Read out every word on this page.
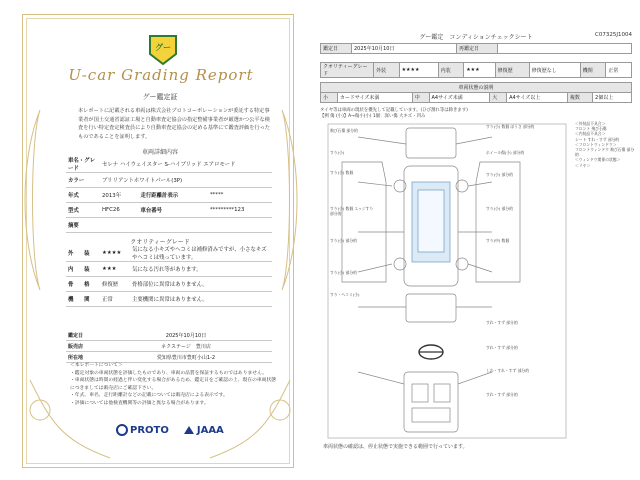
グー
U-car Grading Report
グー鑑定証
本レポートに記載される車両は株式会社プロトコーポレーションが委託する特定事業者が国土交通省認証工場と自動車査定協会の指定整備事業者が厳選かつ公平な検査を行い特定査定検査員により自動車査定協会の定める基準にて鑑査評価を行ったものであることを証明します。
車両詳細内容
車名・グレード	セレナ ハイウェイスター S-ハイブリッド エアロモード		
カラー	ブリリアントホワイトパール(3P)		
年式	2013年	走行距離計表示	*****
型式	HFC26	車台番号	*********123
摘要			
クオリティーグレード
外　　装	★★★★	気になる小キズやヘコミは補修済みですが、小さなキズやヘコミは残っています。
内　　装	★★★	気になる汚れ等があります。
骨　　格	修復歴	骨格部位に異常はありません。
機　　関	正常	主要機関に異常はありません。
鑑定日	2025年10月10日
販売店	ネクステージ　豊川店
所在地	愛知県豊川市豊町小山1-2
＜本レポートについて＞
・鑑定対象の車両状態を評価したものであり、車両の品質を保証するものではありません。
・車両状態は時間の経過と伴い変化する場合があるため、鑑定日をご確認の上、現在の車両状態につきましては販売店にご確認下さい。
・年式、車名、走行距離計などの記載については販売店による表示です。
・評価については他検査機関等の評価と異なる場合があります。
PROTO	JAAA
グー鑑定　コンディションチェックシート	C07325J1004
鑑定日	2025年10月10日	再鑑定日	
クオリティーグレード	外装	★★★★	内装	★★★	修復歴	修復歴なし	機関	正常
車両状態の説明
小	カードサイズ未満	中	A4サイズ未満	大	A4サイズ以上	複数	2個以上
タイヤ等は車両の現状を優先して記載しています。(ひび割れ等は除きます)
【例 傷 (小)】A→傷小(小) 1個：深い傷 大キズ・凹み
飛び石傷 部分的
すり(小) 数個 ぼうさ 部分的
すり(小)	ホイール傷(小) 部分的
すり(小) 数個	すり(小) 部分的
すり(小) 数個 エッジすり 部分的
すり(小) 部分的
すり(小) 部分的	すり(中) 数個
すり(小) 部分的
すり・ヘコミ(小)
すれ・すず 部分的
すれ・すず 部分的
しわ・すれ・すず 部分的
すれ・すず 部分的
＜外装品不具合＞
フロント 飛び石傷
＜内装品不具合＞
シート すれ・すず 部分的
＜フロントウィンドウ＞
フロントウィンドウ 飛び石傷 部分的
＜ウィンドウ関係の状態＞
＜リヤ＞
車両状態の確認は、停止状態で実施できる範囲で行っています。
